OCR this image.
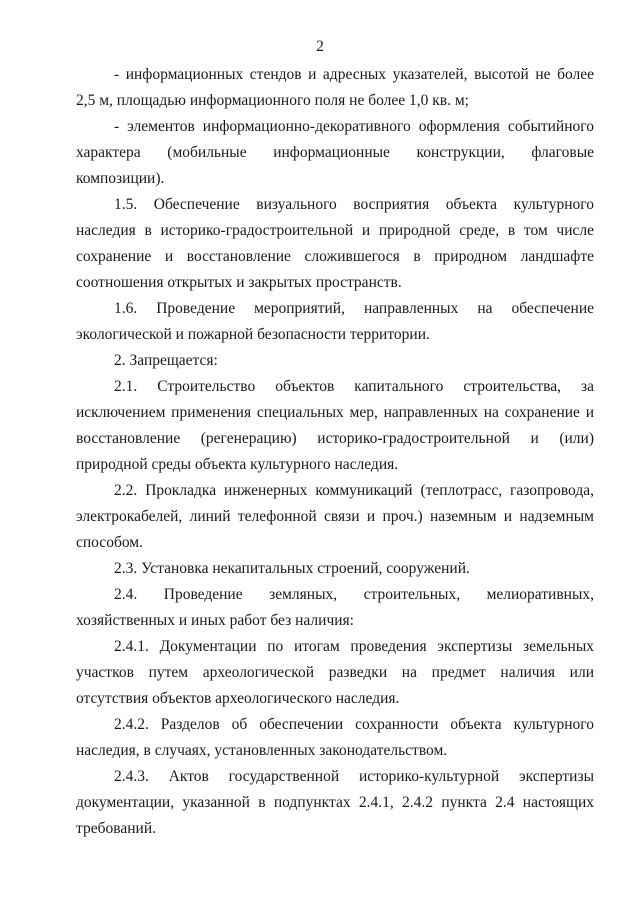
2

- информационных стендов и адресных указателей, высотой не более 2,5 м, площадью информационного поля не более 1,0 кв. м;

- элементов информационно-декоративного оформления событийного характера (мобильные информационные конструкции, флаговые композиции).

1.5. Обеспечение визуального восприятия объекта культурного наследия в историко-градостроительной и природной среде, в том числе сохранение и восстановление сложившегося в природном ландшафте соотношения открытых и закрытых пространств.

1.6. Проведение мероприятий, направленных на обеспечение экологической и пожарной безопасности территории.

2. Запрещается:

2.1. Строительство объектов капитального строительства, за исключением применения специальных мер, направленных на сохранение и восстановление (регенерацию) историко-градостроительной и (или) природной среды объекта культурного наследия.

2.2. Прокладка инженерных коммуникаций (теплотрасс, газопровода, электрокабелей, линий телефонной связи и проч.) наземным и надземным способом.

2.3. Установка некапитальных строений, сооружений.

2.4. Проведение земляных, строительных, мелиоративных, хозяйственных и иных работ без наличия:

2.4.1. Документации по итогам проведения экспертизы земельных участков путем археологической разведки на предмет наличия или отсутствия объектов археологического наследия.

2.4.2. Разделов об обеспечении сохранности объекта культурного наследия, в случаях, установленных законодательством.

2.4.3. Актов государственной историко-культурной экспертизы документации, указанной в подпунктах 2.4.1, 2.4.2 пункта 2.4 настоящих требований.
